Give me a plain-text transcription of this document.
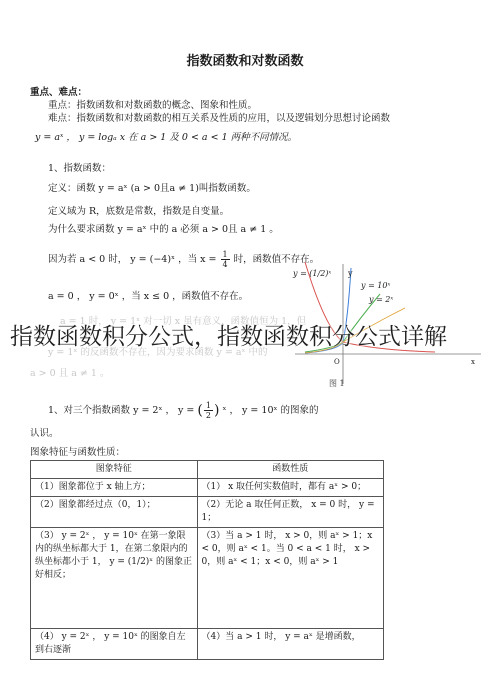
指数函数和对数函数
重点、难点：
重点：指数函数和对数函数的概念、图象和性质。
难点：指数函数和对数函数的相互关系及性质的应用，以及逻辑划分思想讨论函数
y = aˣ ， y = logₐ x 在 a > 1 及 0 < a < 1 两种不同情况。
1、指数函数：
定义：函数 y = aˣ (a > 0且a ≠ 1)叫指数函数。
定义域为 R，底数是常数，指数是自变量。
为什么要求函数 y = aˣ 中的 a 必须 a > 0且 a ≠ 1 。
因为若 a < 0 时， y = (−4)ˣ ，当 $x = \frac{1}{4}$ 时，函数值不存在。
a = 0 ， y = 0ˣ ，当 x ≤ 0 ，函数值不存在。
a = 1 时， y = 1ˣ 对一切 x 虽有意义，函数值恒为 1，但
y = 1ˣ 的反函数不存在，因为要求函数 y = aˣ 中的
a > 0 且 a ≠ 1 。
y = (1/2)ˣ y
y = 10ˣ
y = 2ˣ
O	x
图 1
指数函数积分公式，指数函数积分公式详解
1、对三个指数函数 y = 2ˣ ， y = ( $\frac{1}{2}$ ) ˣ ， y = 10ˣ 的图象的
认识。
图象特征与函数性质：
图象特征	函数性质
（1）图象都位于 x 轴上方；	（1） x 取任何实数值时，都有 aˣ > 0；
（2）图象都经过点（0，1）；	（2）无论 a 取任何正数， x = 0 时， y = 1；
（3） y = 2ˣ ， y = 10ˣ 在第一象限内的纵坐标都大于 1，在第二象限内的纵坐标都小于 1， y = (1/2)ˣ 的图象正好相反；	（3）当 a > 1 时， x > 0，则 aˣ > 1；x < 0，则 aˣ < 1。当 0 < a < 1 时， x > 0，则 aˣ < 1；x < 0，则 aˣ > 1
（4） y = 2ˣ ， y = 10ˣ 的图象自左到右逐渐	（4）当 a > 1 时， y = aˣ 是增函数，
